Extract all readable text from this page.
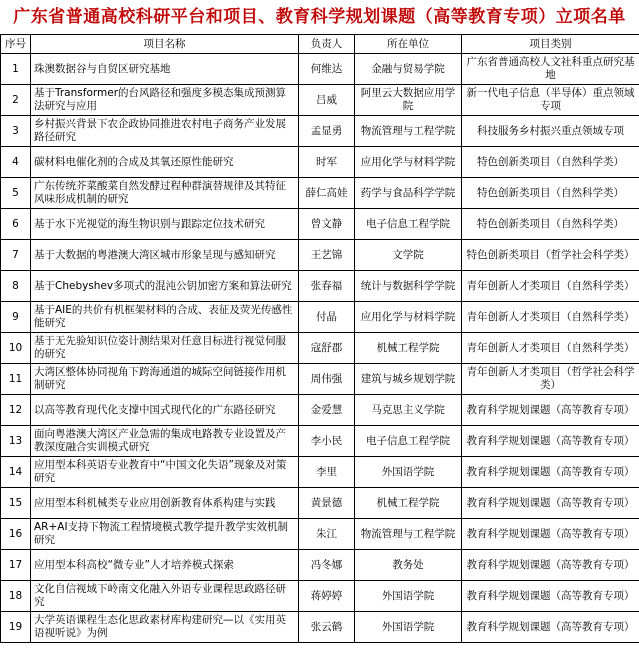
广东省普通高校科研平台和项目、教育科学规划课题（高等教育专项）立项名单
序号	项目名称	负责人	所在单位	项目类别
1	珠澳数据谷与自贸区研究基地	何维达	金融与贸易学院	广东省普通高校人文社科重点研究基地
2	基于Transformer的台风路径和强度多模态集成预测算法研究与应用	吕威	阿里云大数据应用学院	新一代电子信息（半导体）重点领域专项
3	乡村振兴背景下农企政协同推进农村电子商务产业发展路径研究	孟显勇	物流管理与工程学院	科技服务乡村振兴重点领域专项
4	碳材料电催化剂的合成及其氧还原性能研究	时军	应用化学与材料学院	特色创新类项目（自然科学类）
5	广东传统芥菜酸菜自然发酵过程种群演替规律及其特征风味形成机制的研究	薛仁高娃	药学与食品科学学院	特色创新类项目（自然科学类）
6	基于水下光视觉的海生物识别与跟踪定位技术研究	曾文静	电子信息工程学院	特色创新类项目（自然科学类）
7	基于大数据的粤港澳大湾区城市形象呈现与感知研究	王艺锦	文学院	特色创新类项目（哲学社会科学类）
8	基于Chebyshev多项式的混沌公钥加密方案和算法研究	张春福	统计与数据科学学院	青年创新人才类项目（自然科学类）
9	基于AIE的共价有机框架材料的合成、表征及荧光传感性能研究	付晶	应用化学与材料学院	青年创新人才类项目（自然科学类）
10	基于无先验知识位姿计测结果对任意目标进行视觉伺服的研究	寇舒郡	机械工程学院	青年创新人才类项目（自然科学类）
11	大湾区整体协同视角下跨海通道的城际空间链接作用机制研究	周伟强	建筑与城乡规划学院	青年创新人才类项目（哲学社会科学类）
12	以高等教育现代化支撑中国式现代化的广东路径研究	金爱慧	马克思主义学院	教育科学规划课题（高等教育专项）
13	面向粤港澳大湾区产业急需的集成电路教专业设置及产教深度融合实训模式研究	李小民	电子信息工程学院	教育科学规划课题（高等教育专项）
14	应用型本科英语专业教育中“中国文化失语”现象及对策研究	李里	外国语学院	教育科学规划课题（高等教育专项）
15	应用型本科机械类专业应用创新教育体系构建与实践	黄景德	机械工程学院	教育科学规划课题（高等教育专项）
16	AR+AI支持下物流工程情境模式教学提升教学实效机制研究	朱江	物流管理与工程学院	教育科学规划课题（高等教育专项）
17	应用型本科高校“微专业”人才培养模式探索	冯冬娜	教务处	教育科学规划课题（高等教育专项）
18	文化自信视域下岭南文化融入外语专业课程思政路径研究	蒋婷婷	外国语学院	教育科学规划课题（高等教育专项）
19	大学英语课程生态化思政素材库构建研究—以《实用英语视听说》为例	张云鹤	外国语学院	教育科学规划课题（高等教育专项）
